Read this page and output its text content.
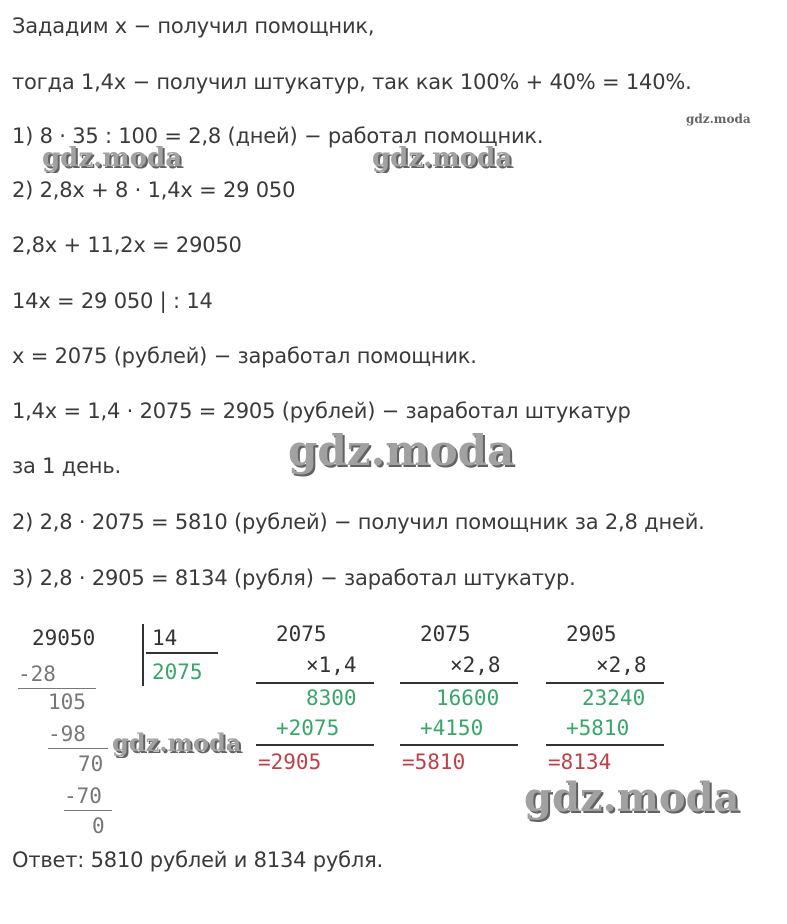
Зададим x − получил помощник,
тогда 1,4x − получил штукатур, так как 100% + 40% = 140%.
1) 8 · 35 : 100 = 2,8 (дней) − работал помощник.
2) 2,8x + 8 · 1,4x = 29 050
2,8x + 11,2x = 29050
14x = 29 050 | : 14
x = 2075 (рублей) − заработал помощник.
1,4x = 1,4 · 2075 = 2905 (рублей) − заработал штукатур
за 1 день.
2) 2,8 · 2075 = 5810 (рублей) − получил помощник за 2,8 дней.
3) 2,8 · 2905 = 8134 (рубля) − заработал штукатур.
29050	14
2075
-28
105
-98
70
-70
0
2075
×1,4
8300
+2075
=2905
2075
×2,8
16600
+4150
=5810
2905
×2,8
23240
+5810
=8134
Ответ: 5810 рублей и 8134 рубля.
gdz.moda
gdz.moda	gdz.moda
gdz.moda
gdz.moda
gdz.moda
